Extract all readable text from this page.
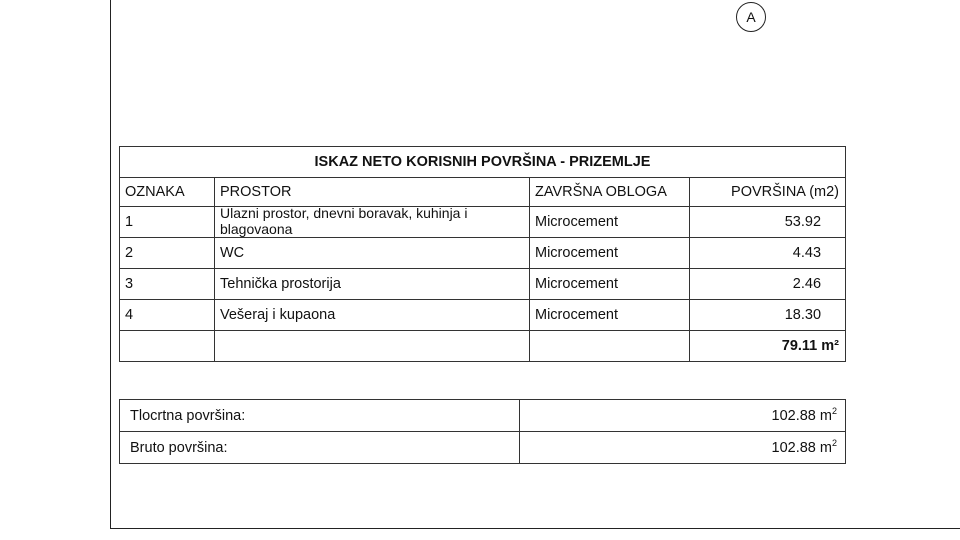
A
ISKAZ NETO KORISNIH POVRŠINA - PRIZEMLJE			
OZNAKA	PROSTOR	ZAVRŠNA OBLOGA	POVRŠINA (m2)
1	Ulazni prostor, dnevni boravak, kuhinja i blagovaona	Microcement	53.92
2	WC	Microcement	4.43
3	Tehnička prostorija	Microcement	2.46
4	Vešeraj i kupaona	Microcement	18.30
			79.11 m²
Tlocrtna površina:	102.88 $m^2$
Bruto površina:	102.88 $m^2$
